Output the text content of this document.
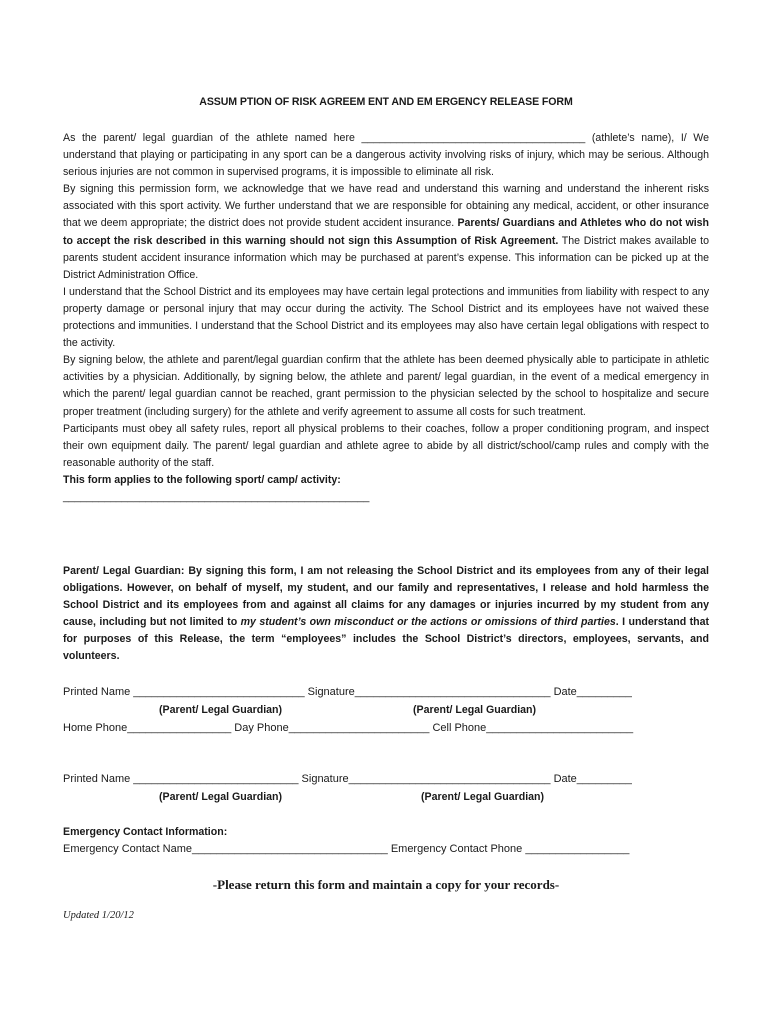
ASSUM PTION OF RISK AGREEM ENT AND EM ERGENCY RELEASE FORM

As the parent/ legal guardian of the athlete named here ______________________________________ (athlete’s name), I/ We understand that playing or participating in any sport can be a dangerous activity involving risks of injury, which may be serious. Although serious injuries are not common in supervised programs, it is impossible to eliminate all risk.

By signing this permission form, we acknowledge that we have read and understand this warning and understand the inherent risks associated with this sport activity. We further understand that we are responsible for obtaining any medical, accident, or other insurance that we deem appropriate; the district does not provide student accident insurance. Parents/ Guardians and Athletes who do not wish to accept the risk described in this warning should not sign this Assumption of Risk Agreement. The District makes available to parents student accident insurance information which may be purchased at parent’s expense. This information can be picked up at the District Administration Office.

I understand that the School District and its employees may have certain legal protections and immunities from liability with respect to any property damage or personal injury that may occur during the activity. The School District and its employees have not waived these protections and immunities. I understand that the School District and its employees may also have certain legal obligations with respect to the activity.

By signing below, the athlete and parent/legal guardian confirm that the athlete has been deemed physically able to participate in athletic activities by a physician. Additionally, by signing below, the athlete and parent/ legal guardian, in the event of a medical emergency in which the parent/ legal guardian cannot be reached, grant permission to the physician selected by the school to hospitalize and secure proper treatment (including surgery) for the athlete and verify agreement to assume all costs for such treatment.

Participants must obey all safety rules, report all physical problems to their coaches, follow a proper conditioning program, and inspect their own equipment daily. The parent/ legal guardian and athlete agree to abide by all district/school/camp rules and comply with the reasonable authority of the staff.

This form applies to the following sport/ camp/ activity:

____________________________________________________

Parent/ Legal Guardian: By signing this form, I am not releasing the School District and its employees from any of their legal obligations. However, on behalf of myself, my student, and our family and representatives, I release and hold harmless the School District and its employees from and against all claims for any damages or injuries incurred by my student from any cause, including but not limited to my student’s own misconduct or the actions or omissions of third parties. I understand that for purposes of this Release, the term “employees” includes the School District’s directors, employees, servants, and volunteers.

Printed Name ____________________________ Signature________________________________ Date_________
(Parent/ Legal Guardian)	(Parent/ Legal Guardian)
Home Phone_________________ Day Phone_______________________ Cell Phone________________________
Printed Name ___________________________ Signature_________________________________ Date_________
(Parent/ Legal Guardian)	(Parent/ Legal Guardian)
Emergency Contact Information:
Emergency Contact Name________________________________ Emergency Contact Phone _________________
-Please return this form and maintain a copy for your records-
Updated 1/20/12
